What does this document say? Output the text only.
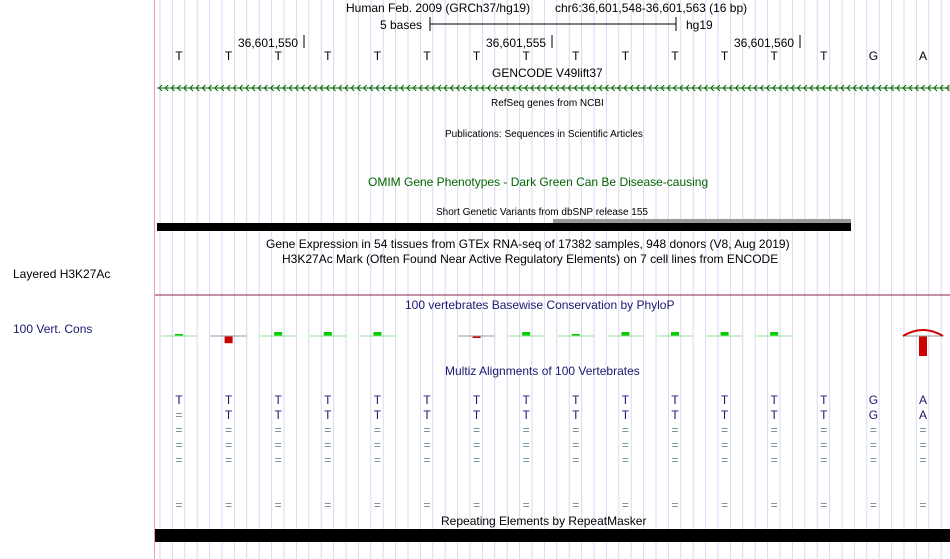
Layered H3K27Ac
100 Vert. Cons
Human Feb. 2009 (GRCh37/hg19) chr6:36,601,548-36,601,563 (16 bp)
5 bases	hg19
36,601,550	36,601,555	36,601,560
T	T	T	T	T	T	T	T	T	T	T	T	T	T	G	A
GENCODE V49lift37
RefSeq genes from NCBI
Publications: Sequences in Scientific Articles
OMIM Gene Phenotypes - Dark Green Can Be Disease-causing
Short Genetic Variants from dbSNP release 155
Gene Expression in 54 tissues from GTEx RNA-seq of 17382 samples, 948 donors (V8, Aug 2019)
H3K27Ac Mark (Often Found Near Active Regulatory Elements) on 7 cell lines from ENCODE
100 vertebrates Basewise Conservation by PhyloP
Multiz Alignments of 100 Vertebrates
Repeating Elements by RepeatMasker
T	T	T	T	T	T	T	T	T	T	T	T	T	T	G	A
=	T	T	T	T	T	T	T	T	T	T	T	T	T	G	A
=	=	=	=	=	=	=	=	=	=	=	=	=	=	=	=
=	=	=	=	=	=	=	=	=	=	=	=	=	=	=	=
=	=	=	=	=	=	=	=	=	=	=	=	=	=	=	=
=	=	=	=	=	=	=	=	=	=	=	=	=	=	=	=
